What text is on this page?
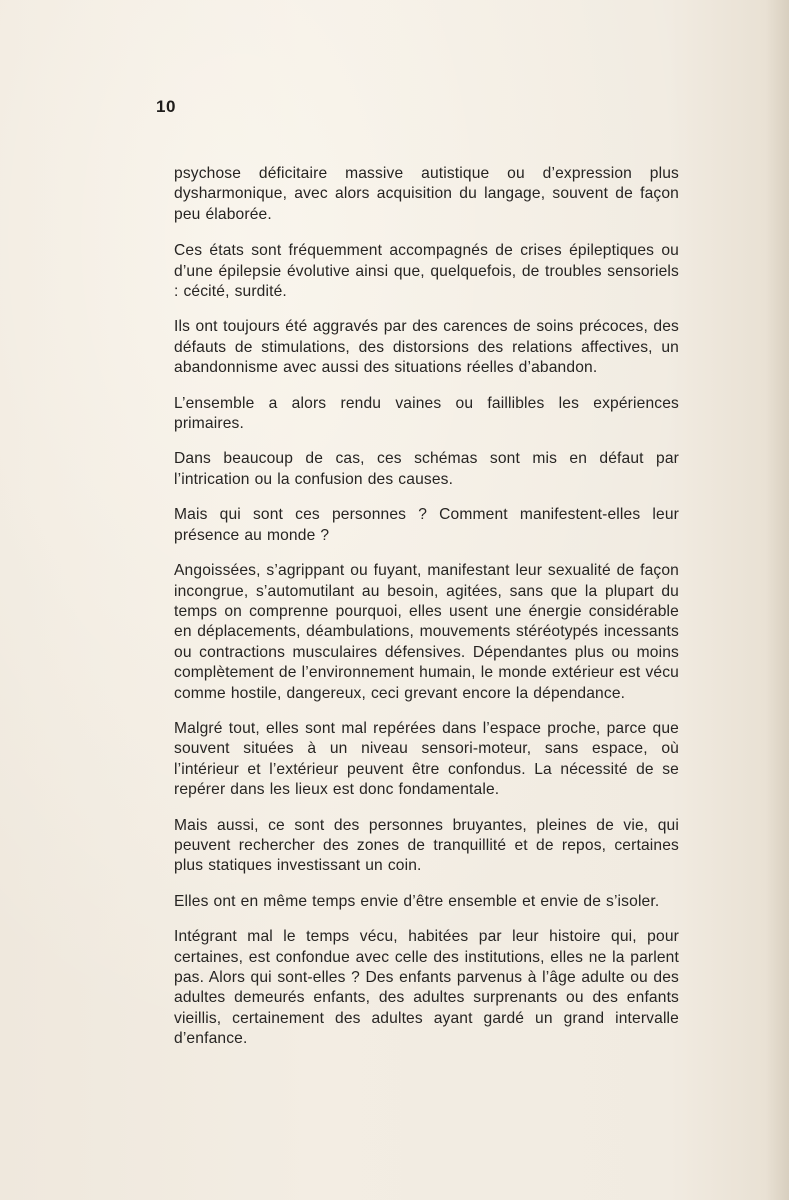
10

psychose déficitaire massive autistique ou d’expression plus dysharmonique, avec alors acquisition du langage, souvent de façon peu élaborée.

Ces états sont fréquemment accompagnés de crises épileptiques ou d’une épilepsie évolutive ainsi que, quelquefois, de troubles sensoriels : cécité, surdité.

Ils ont toujours été aggravés par des carences de soins précoces, des défauts de stimulations, des distorsions des relations affectives, un abandonnisme avec aussi des situations réelles d’abandon.

L’ensemble a alors rendu vaines ou faillibles les expériences primaires.

Dans beaucoup de cas, ces schémas sont mis en défaut par l’intrication ou la confusion des causes.

Mais qui sont ces personnes ? Comment manifestent-elles leur présence au monde ?

Angoissées, s’agrippant ou fuyant, manifestant leur sexualité de façon incongrue, s’automutilant au besoin, agitées, sans que la plupart du temps on comprenne pourquoi, elles usent une énergie considérable en déplacements, déambulations, mouvements stéréotypés incessants ou contractions musculaires défensives. Dépendantes plus ou moins complètement de l’environnement humain, le monde extérieur est vécu comme hostile, dangereux, ceci grevant encore la dépendance.

Malgré tout, elles sont mal repérées dans l’espace proche, parce que souvent situées à un niveau sensori-moteur, sans espace, où l’intérieur et l’extérieur peuvent être confondus. La nécessité de se repérer dans les lieux est donc fondamentale.

Mais aussi, ce sont des personnes bruyantes, pleines de vie, qui peuvent rechercher des zones de tranquillité et de repos, certaines plus statiques investissant un coin.

Elles ont en même temps envie d’être ensemble et envie de s’isoler.

Intégrant mal le temps vécu, habitées par leur histoire qui, pour certaines, est confondue avec celle des institutions, elles ne la parlent pas. Alors qui sont-elles ? Des enfants parvenus à l’âge adulte ou des adultes demeurés enfants, des adultes surprenants ou des enfants vieillis, certainement des adultes ayant gardé un grand intervalle d’enfance.
